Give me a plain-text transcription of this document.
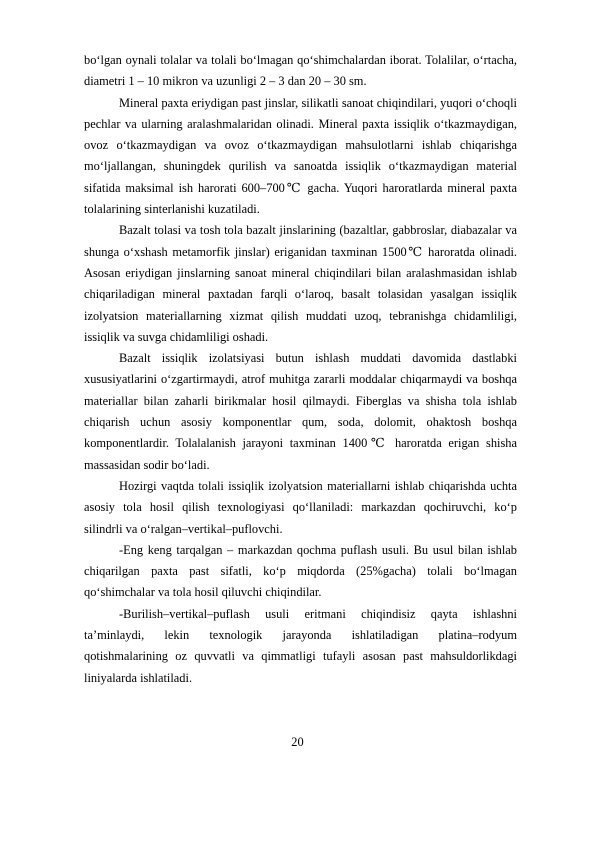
boʻlgan oynali tolalar va tolali boʻlmagan qoʻshimchalardan iborat. Tolalilar, oʻrtacha, diametri 1 – 10 mikron va uzunligi 2 – 3 dan 20 – 30 sm.

Mineral paxta eriydigan past jinslar, silikatli sanoat chiqindilari, yuqori oʻchoqli pechlar va ularning aralashmalaridan olinadi. Mineral paxta issiqlik oʻtkazmaydigan, ovoz oʻtkazmaydigan va ovoz oʻtkazmaydigan mahsulotlarni ishlab chiqarishga moʻljallangan, shuningdek qurilish va sanoatda issiqlik oʻtkazmaydigan material sifatida maksimal ish harorati 600–700℃ gacha. Yuqori haroratlarda mineral paxta tolalarining sinterlanishi kuzatiladi.

Bazalt tolasi va tosh tola bazalt jinslarining (bazaltlar, gabbroslar, diabazalar va shunga oʻxshash metamorfik jinslar) eriganidan taxminan 1500℃ haroratda olinadi. Asosan eriydigan jinslarning sanoat mineral chiqindilari bilan aralashmasidan ishlab chiqariladigan mineral paxtadan farqli oʻlaroq, basalt tolasidan yasalgan issiqlik izolyatsion materiallarning xizmat qilish muddati uzoq, tebranishga chidamliligi, issiqlik va suvga chidamliligi oshadi.

Bazalt issiqlik izolatsiyasi butun ishlash muddati davomida dastlabki xususiyatlarini oʻzgartirmaydi, atrof muhitga zararli moddalar chiqarmaydi va boshqa materiallar bilan zaharli birikmalar hosil qilmaydi. Fiberglas va shisha tola ishlab chiqarish uchun asosiy komponentlar qum, soda, dolomit, ohaktosh boshqa komponentlardir. Tolalalanish jarayoni taxminan 1400℃ haroratda erigan shisha massasidan sodir boʻladi.

Hozirgi vaqtda tolali issiqlik izolyatsion materiallarni ishlab chiqarishda uchta asosiy tola hosil qilish texnologiyasi qoʻllaniladi: markazdan qochiruvchi, koʻp silindrli va oʻralgan–vertikal–puflovchi.

-Eng keng tarqalgan – markazdan qochma puflash usuli. Bu usul bilan ishlab chiqarilgan paxta past sifatli, koʻp miqdorda (25%gacha) tolali boʻlmagan qoʻshimchalar va tola hosil qiluvchi chiqindilar.

-Burilish–vertikal–puflash usuli eritmani chiqindisiz qayta ishlashni taʼminlaydi, lekin texnologik jarayonda ishlatiladigan platina–rodyum qotishmalarining oz quvvatli va qimmatligi tufayli asosan past mahsuldorlikdagi liniyalarda ishlatiladi.

20
